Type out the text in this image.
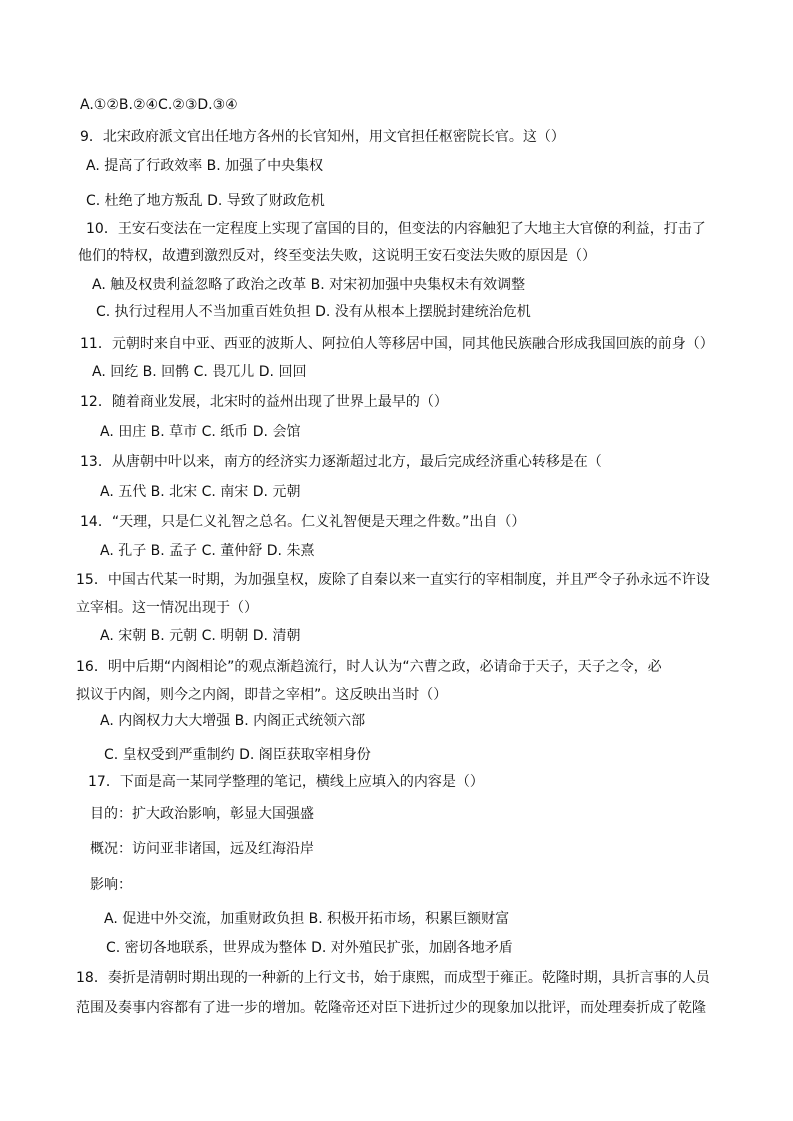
A.①②B.②④C.②③D.③④

9．北宋政府派文官出任地方各州的长官知州，用文官担任枢密院长官。这（）

A. 提高了行政效率 B. 加强了中央集权

C. 杜绝了地方叛乱 D. 导致了财政危机

10．王安石变法在一定程度上实现了富国的目的，但变法的内容触犯了大地主大官僚的利益，打击了

他们的特权，故遭到激烈反对，终至变法失败，这说明王安石变法失败的原因是（）

A. 触及权贵利益忽略了政治之改革 B. 对宋初加强中央集权未有效调整

C. 执行过程用人不当加重百姓负担 D. 没有从根本上摆脱封建统治危机

11．元朝时来自中亚、西亚的波斯人、阿拉伯人等移居中国，同其他民族融合形成我国回族的前身（）

A. 回纥 B. 回鹘 C. 畏兀儿 D. 回回

12．随着商业发展，北宋时的益州出现了世界上最早的（）

A. 田庄 B. 草市 C. 纸币 D. 会馆

13．从唐朝中叶以来，南方的经济实力逐渐超过北方，最后完成经济重心转移是在（

A. 五代 B. 北宋 C. 南宋 D. 元朝

14．“天理，只是仁义礼智之总名。仁义礼智便是天理之件数。”出自（）

A. 孔子 B. 孟子 C. 董仲舒 D. 朱熹

15．中国古代某一时期，为加强皇权，废除了自秦以来一直实行的宰相制度，并且严令子孙永远不许设

立宰相。这一情况出现于（）

A. 宋朝 B. 元朝 C. 明朝 D. 清朝

16．明中后期“内阁相论”的观点渐趋流行，时人认为“六曹之政，必请命于天子，天子之令，必

拟议于内阁，则今之内阁，即昔之宰相”。这反映出当时（）

A. 内阁权力大大增强 B. 内阁正式统领六部

C. 皇权受到严重制约 D. 阁臣获取宰相身份

17．下面是高一某同学整理的笔记，横线上应填入的内容是（）

目的：扩大政治影响，彰显大国强盛

概况：访问亚非诸国，远及红海沿岸

影响：

A. 促进中外交流，加重财政负担 B. 积极开拓市场，积累巨额财富

C. 密切各地联系，世界成为整体 D. 对外殖民扩张，加剧各地矛盾

18．奏折是清朝时期出现的一种新的上行文书，始于康熙，而成型于雍正。乾隆时期，具折言事的人员

范围及奏事内容都有了进一步的增加。乾隆帝还对臣下进折过少的现象加以批评，而处理奏折成了乾隆
